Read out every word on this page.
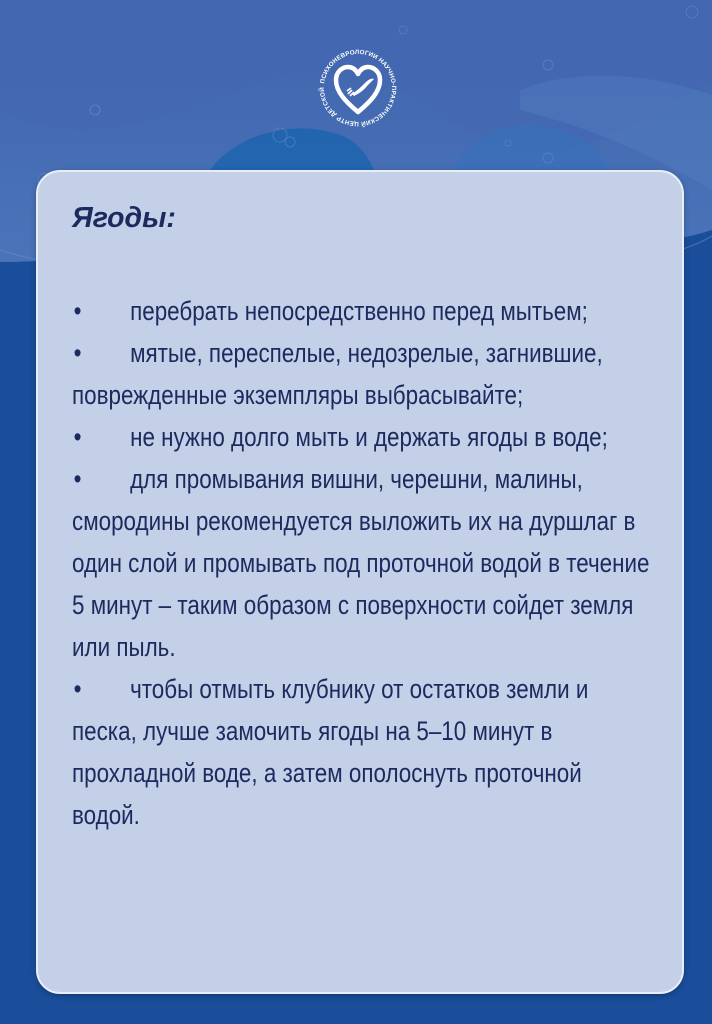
ПСИХОНЕВРОЛОГИИ НАУЧНО-ПРАКТИЧЕСКИЙ ЦЕНТР ДЕТСКОЙ
Ягоды:
• перебрать непосредственно перед мытьем;
• мятые, переспелые, недозрелые, загнившие, поврежденные экземпляры выбрасывайте;
• не нужно долго мыть и держать ягоды в воде;
• для промывания вишни, черешни, малины, смородины рекомендуется выложить их на дуршлаг в один слой и промывать под проточной водой в течение 5 минут – таким образом с поверхности сойдет земля или пыль.
• чтобы отмыть клубнику от остатков земли и песка, лучше замочить ягоды на 5–10 минут в прохладной воде, а затем ополоснуть проточной водой.
